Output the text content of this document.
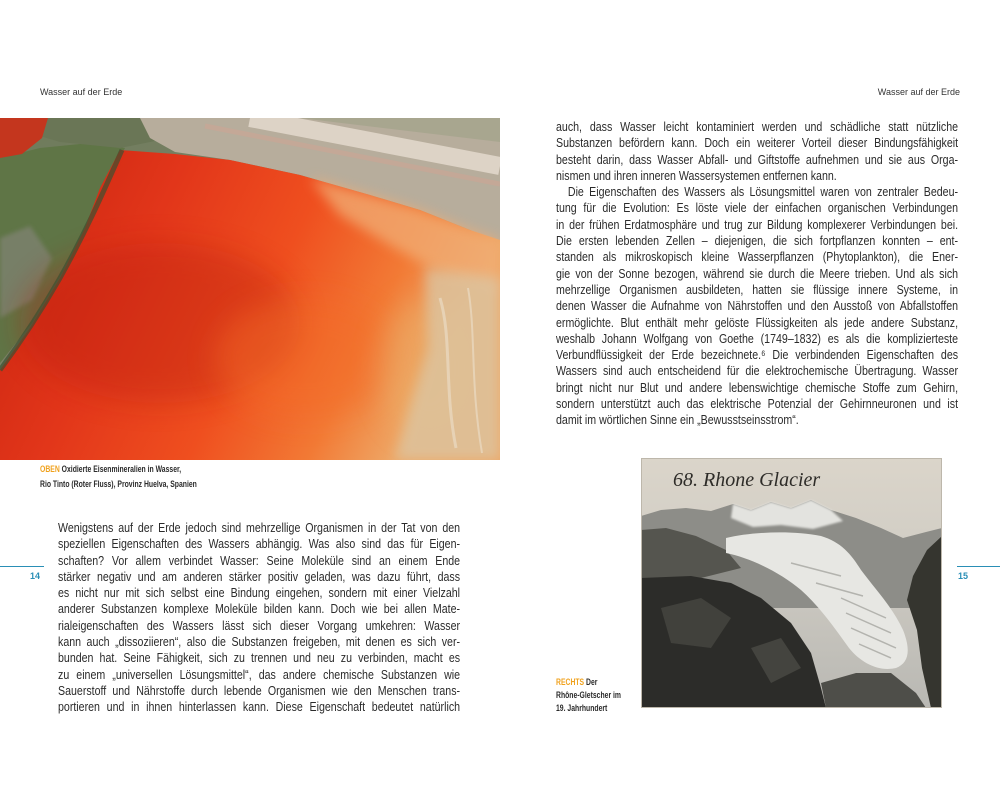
Wasser auf der Erde	Wasser auf der Erde
OBEN Oxidierte Eisenmineralien in Wasser,
Rio Tinto (Roter Fluss), Provinz Huelva, Spanien
Wenigstens auf der Erde jedoch sind mehrzellige Organismen in der Tat von den
speziellen Eigenschaften des Wassers abhängig. Was also sind das für Eigen-
schaften? Vor allem verbindet Wasser: Seine Moleküle sind an einem Ende
stärker negativ und am anderen stärker positiv geladen, was dazu führt, dass
es nicht nur mit sich selbst eine Bindung eingehen, sondern mit einer Vielzahl
anderer Substanzen komplexe Moleküle bilden kann. Doch wie bei allen Mate-
rialeigenschaften des Wassers lässt sich dieser Vorgang umkehren: Wasser
kann auch „dissoziieren“, also die Substanzen freigeben, mit denen es sich ver-
bunden hat. Seine Fähigkeit, sich zu trennen und neu zu verbinden, macht es
zu einem „universellen Lösungsmittel“, das andere chemische Substanzen wie
Sauerstoff und Nährstoffe durch lebende Organismen wie den Menschen trans-
portieren und in ihnen hinterlassen kann. Diese Eigenschaft bedeutet natürlich
14	15
auch, dass Wasser leicht kontaminiert werden und schädliche statt nützliche
Substanzen befördern kann. Doch ein weiterer Vorteil dieser Bindungsfähigkeit
besteht darin, dass Wasser Abfall- und Giftstoffe aufnehmen und sie aus Orga-
nismen und ihren inneren Wassersystemen entfernen kann.
Die Eigenschaften des Wassers als Lösungsmittel waren von zentraler Bedeu-
tung für die Evolution: Es löste viele der einfachen organischen Verbindungen
in der frühen Erdatmosphäre und trug zur Bildung komplexerer Verbindungen bei.
Die ersten lebenden Zellen – diejenigen, die sich fortpflanzen konnten – ent-
standen als mikroskopisch kleine Wasserpflanzen (Phytoplankton), die Ener-
gie von der Sonne bezogen, während sie durch die Meere trieben. Und als sich
mehrzellige Organismen ausbildeten, hatten sie flüssige innere Systeme, in
denen Wasser die Aufnahme von Nährstoffen und den Ausstoß von Abfallstoffen
ermöglichte. Blut enthält mehr gelöste Flüssigkeiten als jede andere Substanz,
weshalb Johann Wolfgang von Goethe (1749–1832) es als die komplizierteste
Verbundflüssigkeit der Erde bezeichnete.⁶ Die verbindenden Eigenschaften des
Wassers sind auch entscheidend für die elektrochemische Übertragung. Wasser
bringt nicht nur Blut und andere lebenswichtige chemische Stoffe zum Gehirn,
sondern unterstützt auch das elektrische Potenzial der Gehirnneuronen und ist
damit im wörtlichen Sinne ein „Bewusstseinsstrom“.
68. Rhone Glacier
RECHTS Der
Rhône-Gletscher im
19. Jahrhundert
